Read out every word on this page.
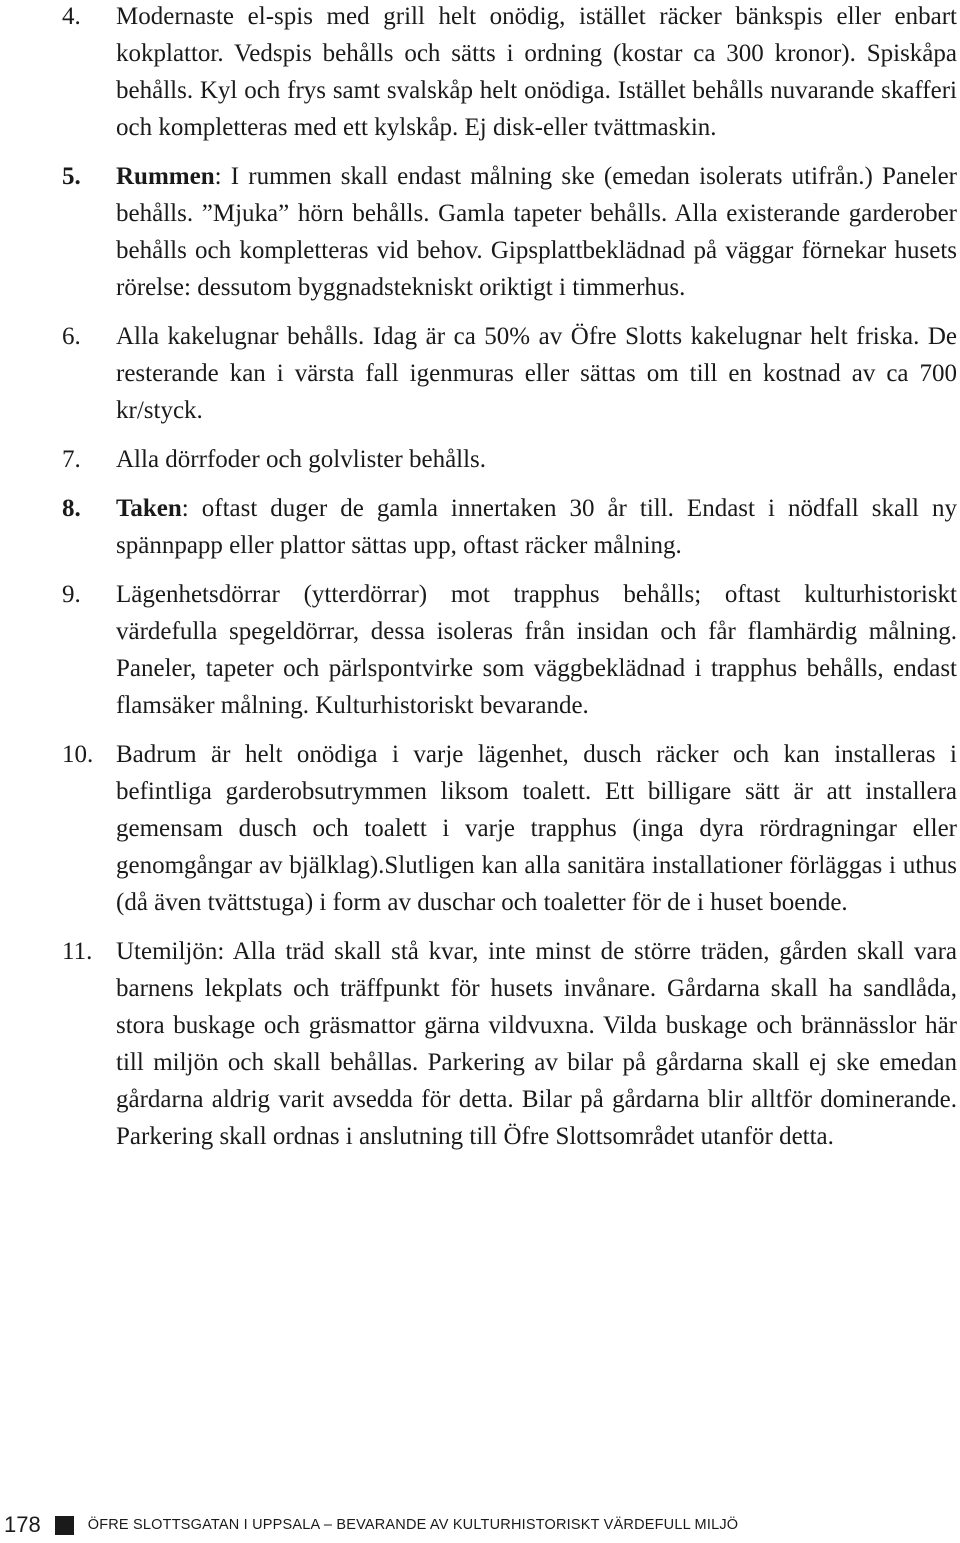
4.	Modernaste el-spis med grill helt onödig, istället räcker bänkspis eller enbart kokplattor. Vedspis behålls och sätts i ordning (kostar ca 300 kronor). Spiskåpa behålls. Kyl och frys samt svalskåp helt onödiga. Istället behålls nuvarande skafferi och kompletteras med ett kylskåp. Ej disk-eller tvättmaskin.
5.	Rummen: I rummen skall endast målning ske (emedan isolerats utifrån.) Paneler behålls. ”Mjuka” hörn behålls. Gamla tapeter behålls. Alla existerande garderober behålls och kompletteras vid behov. Gipsplattbeklädnad på väggar förnekar husets rörelse: dessutom byggnadstekniskt oriktigt i timmerhus.
6.	Alla kakelugnar behålls. Idag är ca 50% av Öfre Slotts kakelugnar helt friska. De resterande kan i värsta fall igenmuras eller sättas om till en kostnad av ca 700 kr/styck.
7.	Alla dörrfoder och golvlister behålls.
8.	Taken: oftast duger de gamla innertaken 30 år till. Endast i nödfall skall ny spännpapp eller plattor sättas upp, oftast räcker målning.
9.	Lägenhetsdörrar (ytterdörrar) mot trapphus behålls; oftast kulturhistoriskt värdefulla spegeldörrar, dessa isoleras från insidan och får flamhärdig målning. Paneler, tapeter och pärlspontvirke som väggbeklädnad i trapphus behålls, endast flamsäker målning. Kulturhistoriskt bevarande.
10. Badrum är helt onödiga i varje lägenhet, dusch räcker och kan installeras i befintliga garderobsutrymmen liksom toalett. Ett billigare sätt är att installera gemensam dusch och toalett i varje trapphus (inga dyra rördragningar eller genomgångar av bjälklag).Slutligen kan alla sanitära installationer förläggas i uthus (då även tvättstuga) i form av duschar och toaletter för de i huset boende.
11. Utemiljön: Alla träd skall stå kvar, inte minst de större träden, gården skall vara barnens lekplats och träffpunkt för husets invånare. Gårdarna skall ha sandlåda, stora buskage och gräsmattor gärna vildvuxna. Vilda buskage och brännässlor här till miljön och skall behållas. Parkering av bilar på gårdarna skall ej ske emedan gårdarna aldrig varit avsedda för detta. Bilar på gårdarna blir alltför dominerande. Parkering skall ordnas i anslutning till Öfre Slottsområdet utanför detta.
178	ÖFRE SLOTTSGATAN I UPPSALA – BEVARANDE AV KULTURHISTORISKT VÄRDEFULL MILJÖ
